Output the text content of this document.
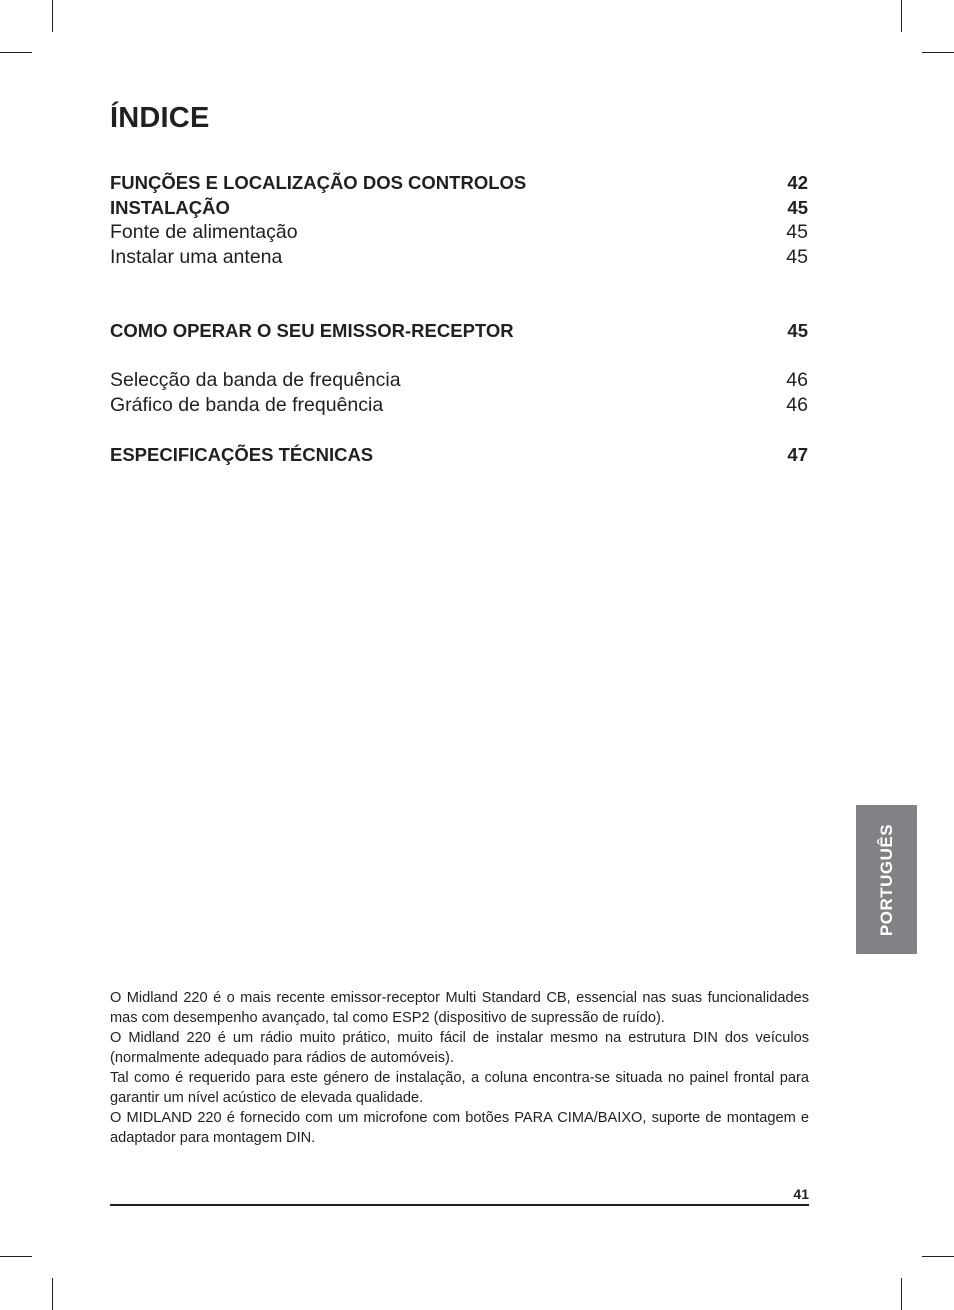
ÍNDICE
FUNÇÕES E LOCALIZAÇÃO DOS CONTROLOS	42
INSTALAÇÃO	45
Fonte de alimentação	45
Instalar uma antena	45
COMO OPERAR O SEU EMISSOR-RECEPTOR	45
Selecção da banda de frequência	46
Gráfico de banda de frequência	46
ESPECIFICAÇÕES TÉCNICAS	47
PORTUGUÊS

O Midland 220 é o mais recente emissor-receptor Multi Standard CB, essencial nas suas funcionalidades mas com desempenho avançado, tal como ESP2 (dispositivo de supressão de ruído).

O Midland 220 é um rádio muito prático, muito fácil de instalar mesmo na estrutura DIN dos veículos (normalmente adequado para rádios de automóveis).

Tal como é requerido para este género de instalação, a coluna encontra-se situada no painel frontal para garantir um nível acústico de elevada qualidade.

O MIDLAND 220 é fornecido com um microfone com botões PARA CIMA/BAIXO, suporte de montagem e adaptador para montagem DIN.

41
